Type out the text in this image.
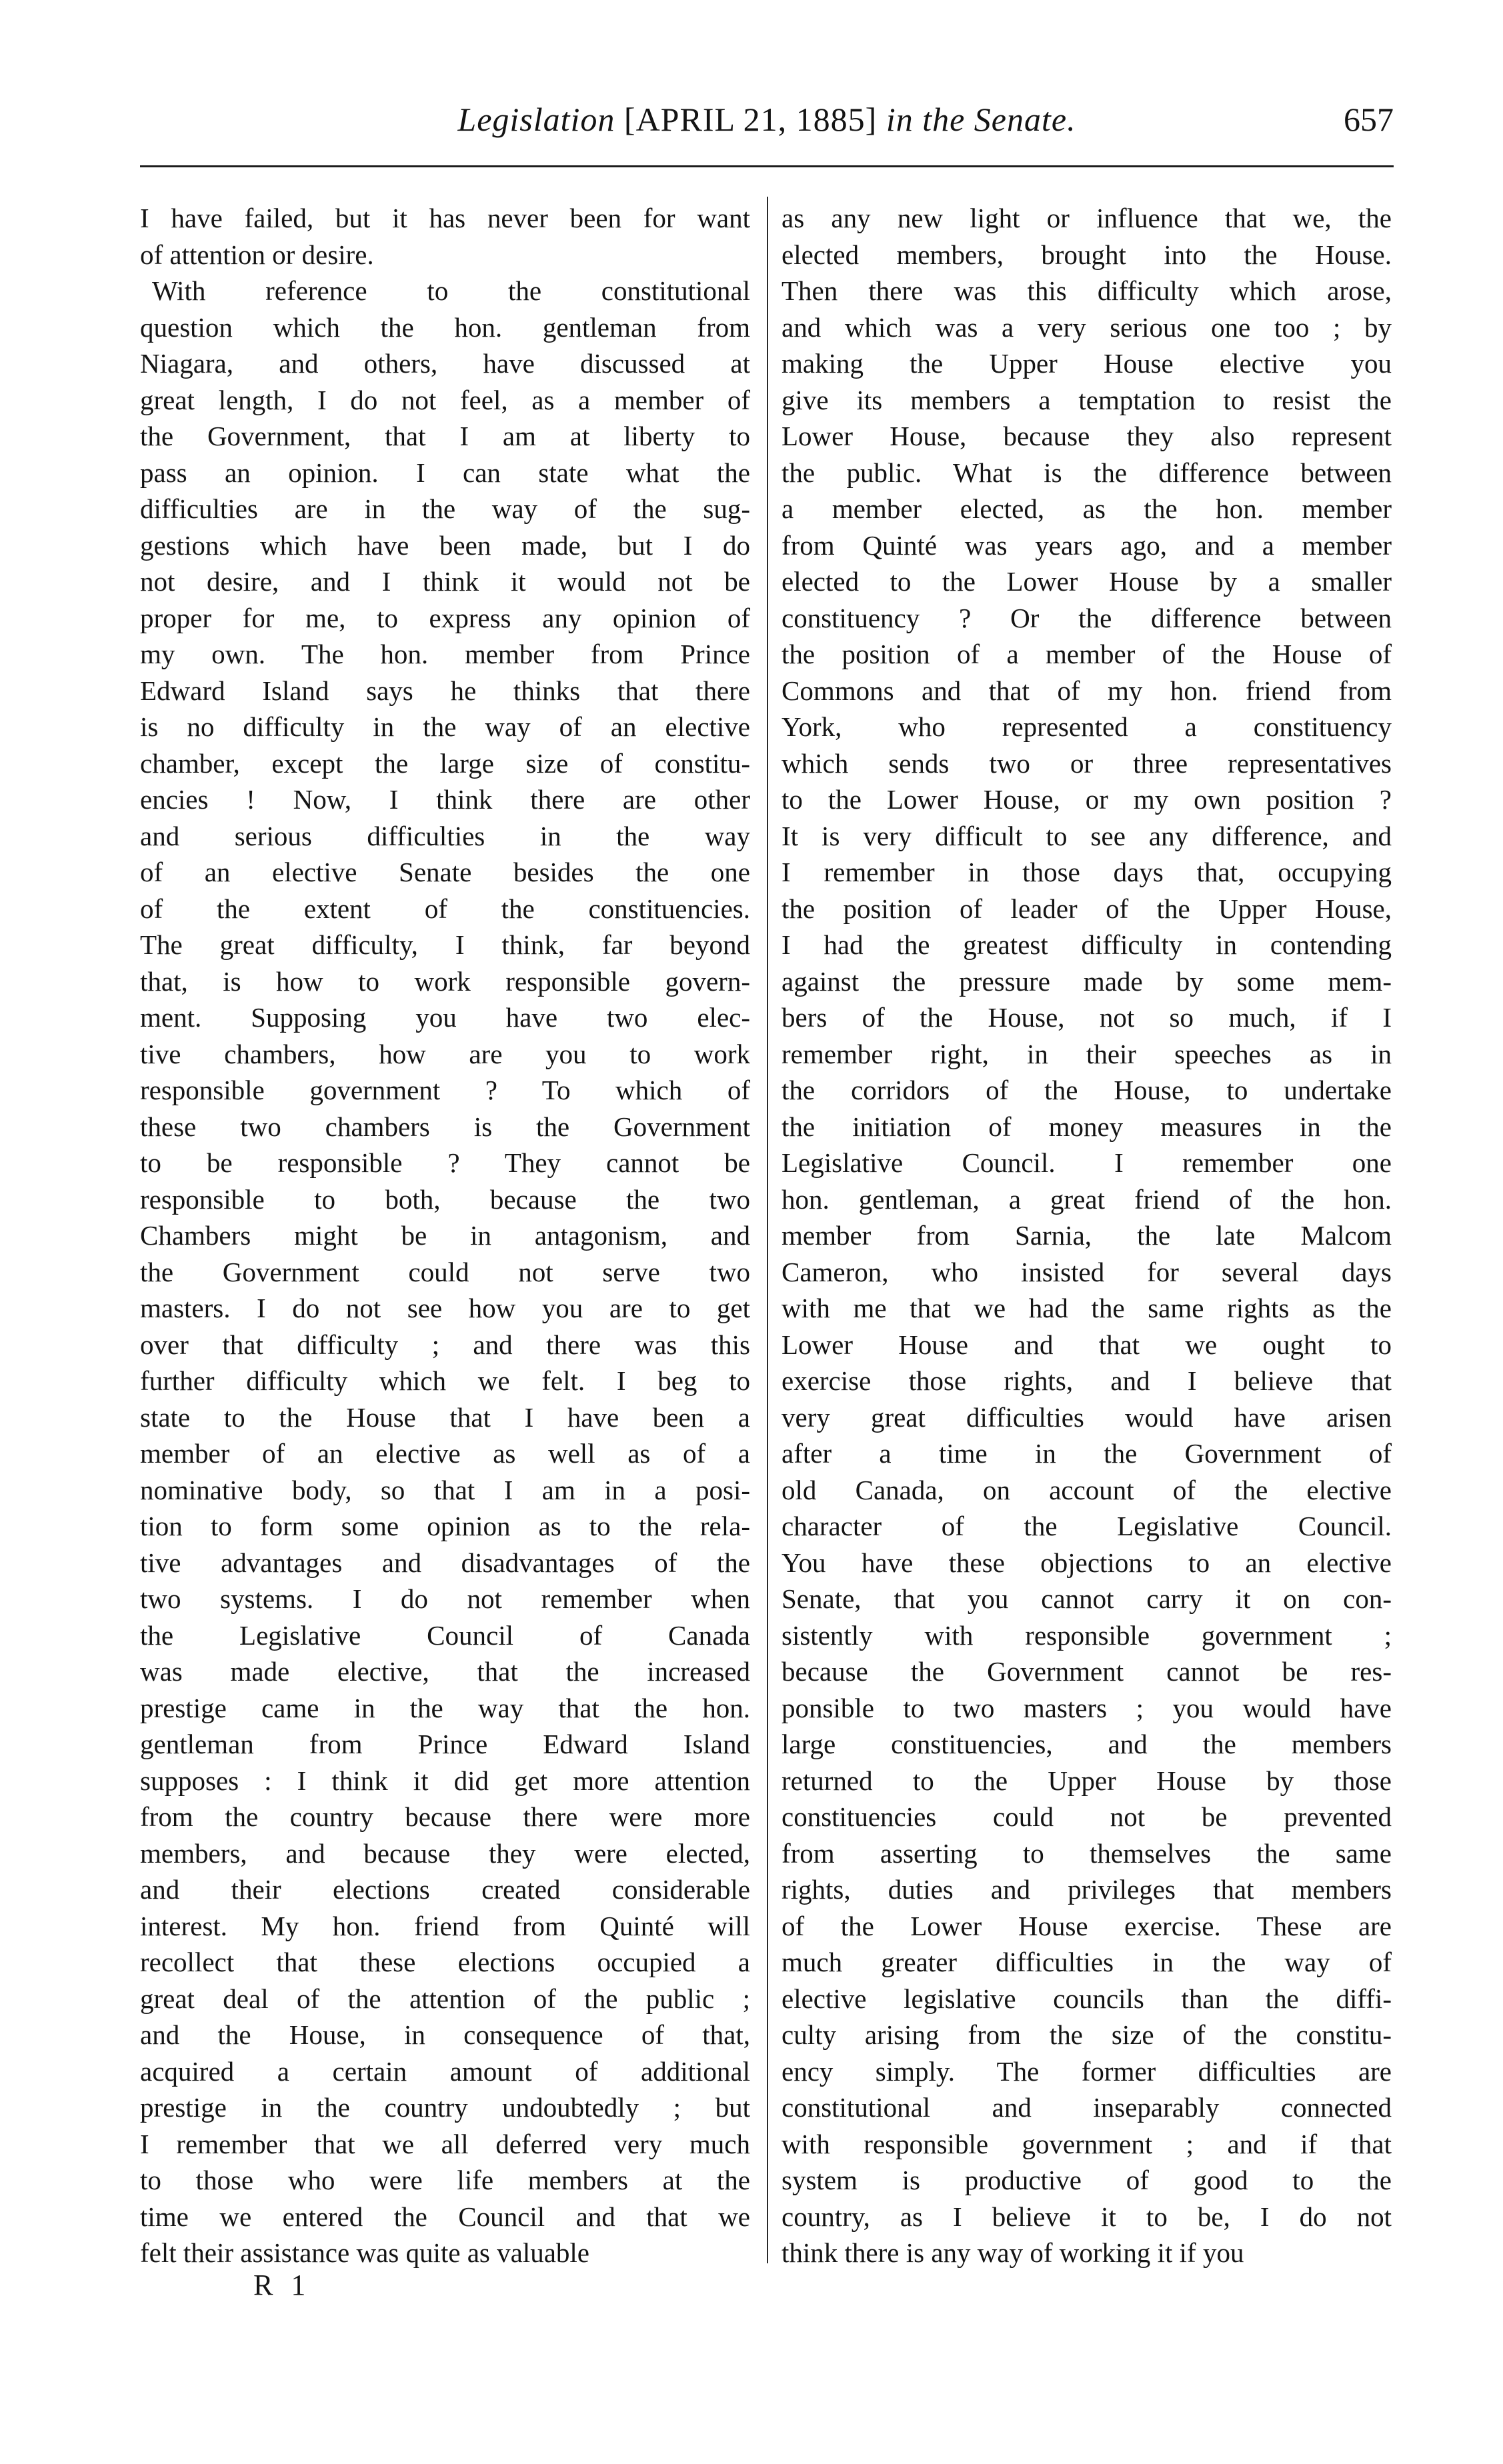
Legislation [APRIL 21, 1885] in the Senate.	657
I have failed, but it has never been for want
of attention or desire.
With reference to the constitutional
question which the hon. gentleman from
Niagara, and others, have discussed at
great length, I do not feel, as a member of
the Government, that I am at liberty to
pass an opinion. I can state what the
difficulties are in the way of the sug-
gestions which have been made, but I do
not desire, and I think it would not be
proper for me, to express any opinion of
my own. The hon. member from Prince
Edward Island says he thinks that there
is no difficulty in the way of an elective
chamber, except the large size of constitu-
encies ! Now, I think there are other
and serious difficulties in the way
of an elective Senate besides the one
of the extent of the constituencies.
The great difficulty, I think, far beyond
that, is how to work responsible govern-
ment. Supposing you have two elec-
tive chambers, how are you to work
responsible government ? To which of
these two chambers is the Government
to be responsible ? They cannot be
responsible to both, because the two
Chambers might be in antagonism, and
the Government could not serve two
masters. I do not see how you are to get
over that difficulty ; and there was this
further difficulty which we felt. I beg to
state to the House that I have been a
member of an elective as well as of a
nominative body, so that I am in a posi-
tion to form some opinion as to the rela-
tive advantages and disadvantages of the
two systems. I do not remember when
the Legislative Council of Canada
was made elective, that the increased
prestige came in the way that the hon.
gentleman from Prince Edward Island
supposes : I think it did get more attention
from the country because there were more
members, and because they were elected,
and their elections created considerable
interest. My hon. friend from Quinté will
recollect that these elections occupied a
great deal of the attention of the public ;
and the House, in consequence of that,
acquired a certain amount of additional
prestige in the country undoubtedly ; but
I remember that we all deferred very much
to those who were life members at the
time we entered the Council and that we
felt their assistance was quite as valuable
as any new light or influence that we, the
elected members, brought into the House.
Then there was this difficulty which arose,
and which was a very serious one too ; by
making the Upper House elective you
give its members a temptation to resist the
Lower House, because they also represent
the public. What is the difference between
a member elected, as the hon. member
from Quinté was years ago, and a member
elected to the Lower House by a smaller
constituency ? Or the difference between
the position of a member of the House of
Commons and that of my hon. friend from
York, who represented a constituency
which sends two or three representatives
to the Lower House, or my own position ?
It is very difficult to see any difference, and
I remember in those days that, occupying
the position of leader of the Upper House,
I had the greatest difficulty in contending
against the pressure made by some mem-
bers of the House, not so much, if I
remember right, in their speeches as in
the corridors of the House, to undertake
the initiation of money measures in the
Legislative Council. I remember one
hon. gentleman, a great friend of the hon.
member from Sarnia, the late Malcom
Cameron, who insisted for several days
with me that we had the same rights as the
Lower House and that we ought to
exercise those rights, and I believe that
very great difficulties would have arisen
after a time in the Government of
old Canada, on account of the elective
character of the Legislative Council.
You have these objections to an elective
Senate, that you cannot carry it on con-
sistently with responsible government ;
because the Government cannot be res-
ponsible to two masters ; you would have
large constituencies, and the members
returned to the Upper House by those
constituencies could not be prevented
from asserting to themselves the same
rights, duties and privileges that members
of the Lower House exercise. These are
much greater difficulties in the way of
elective legislative councils than the diffi-
culty arising from the size of the constitu-
ency simply. The former difficulties are
constitutional and inseparably connected
with responsible government ; and if that
system is productive of good to the
country, as I believe it to be, I do not
think there is any way of working it if you
R 1
